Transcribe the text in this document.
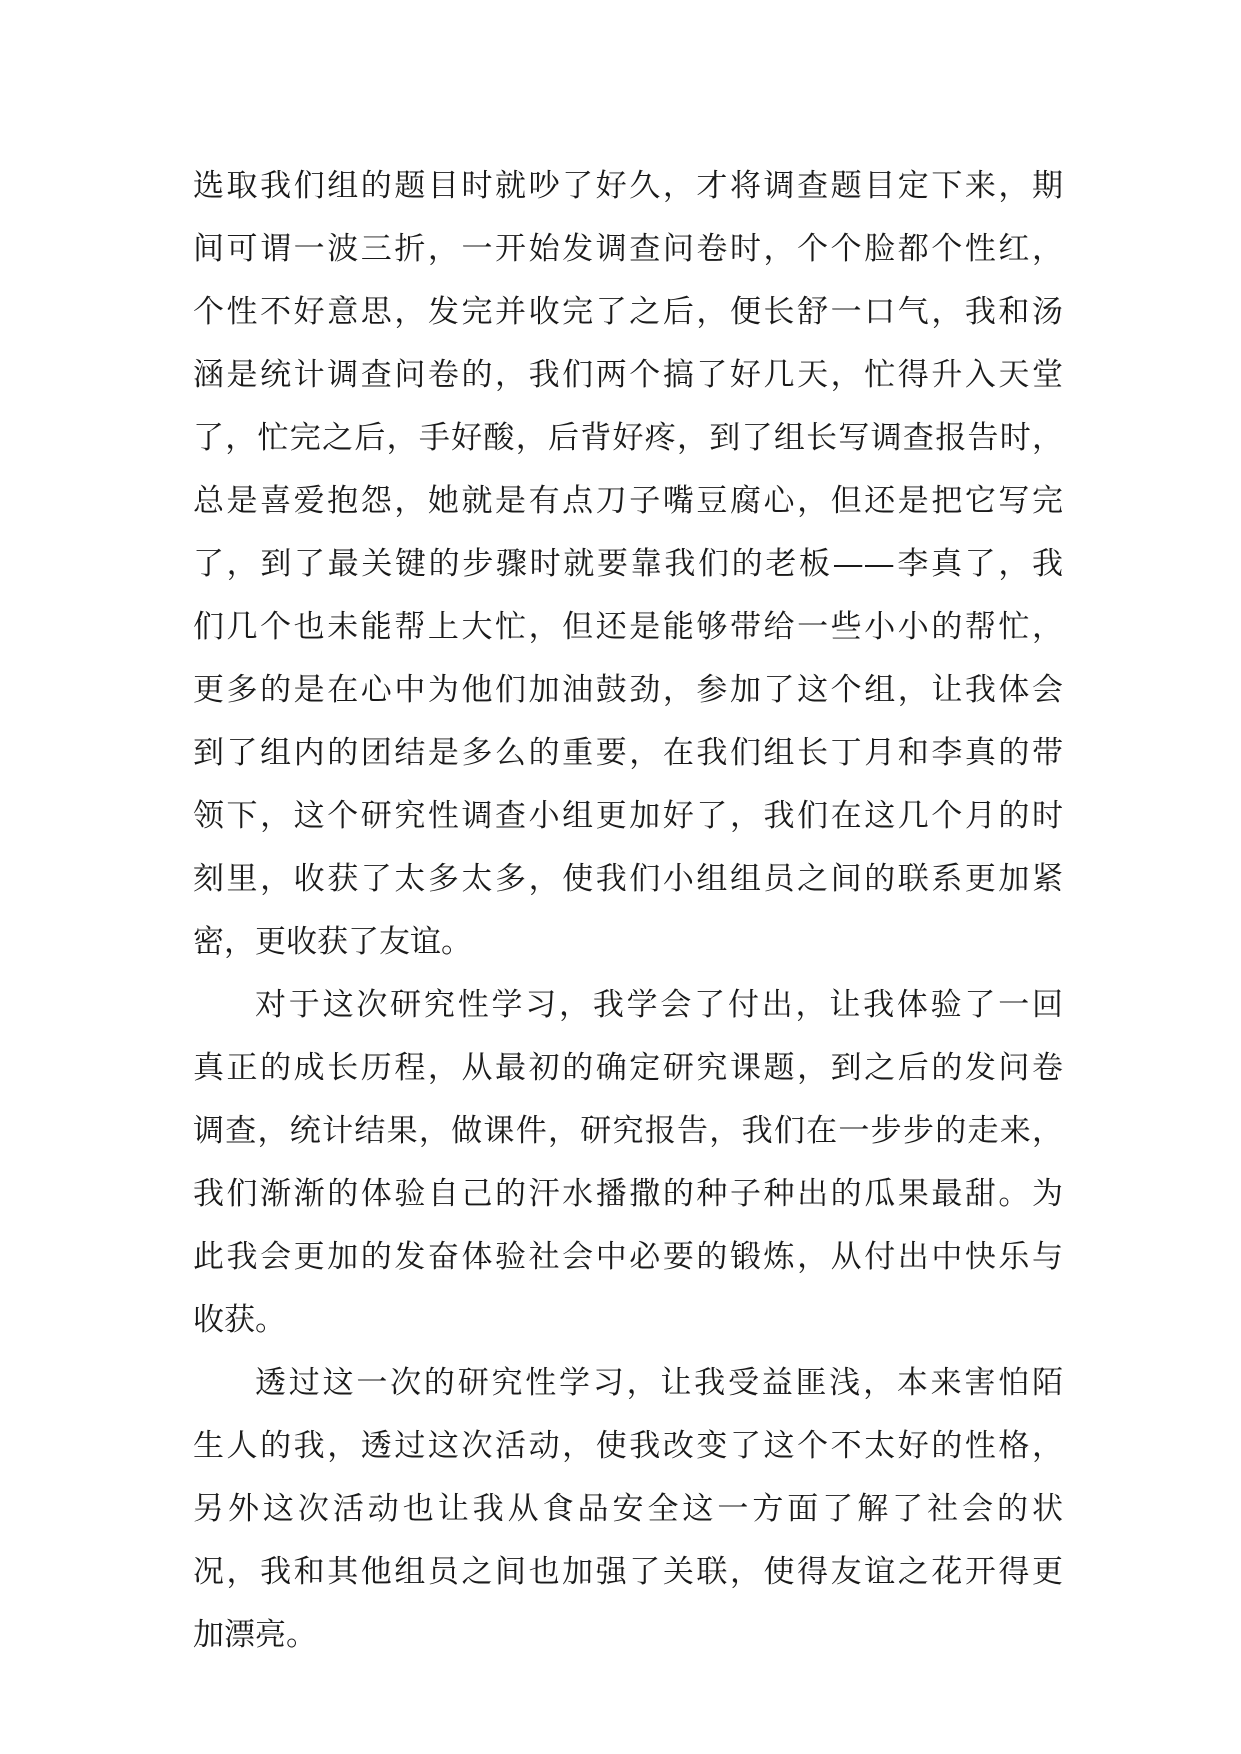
选取我们组的题目时就吵了好久，才将调查题目定下来，期
间可谓一波三折，一开始发调查问卷时，个个脸都个性红，
个性不好意思，发完并收完了之后，便长舒一口气，我和汤
涵是统计调查问卷的，我们两个搞了好几天，忙得升入天堂
了，忙完之后，手好酸，后背好疼，到了组长写调查报告时，
总是喜爱抱怨，她就是有点刀子嘴豆腐心，但还是把它写完
了，到了最关键的步骤时就要靠我们的老板——李真了，我
们几个也未能帮上大忙，但还是能够带给一些小小的帮忙，
更多的是在心中为他们加油鼓劲，参加了这个组，让我体会
到了组内的团结是多么的重要，在我们组长丁月和李真的带
领下，这个研究性调查小组更加好了，我们在这几个月的时
刻里，收获了太多太多，使我们小组组员之间的联系更加紧
密，更收获了友谊。
对于这次研究性学习，我学会了付出，让我体验了一回
真正的成长历程，从最初的确定研究课题，到之后的发问卷
调查，统计结果，做课件，研究报告，我们在一步步的走来，
我们渐渐的体验自己的汗水播撒的种子种出的瓜果最甜。为
此我会更加的发奋体验社会中必要的锻炼，从付出中快乐与
收获。
透过这一次的研究性学习，让我受益匪浅，本来害怕陌
生人的我，透过这次活动，使我改变了这个不太好的性格，
另外这次活动也让我从食品安全这一方面了解了社会的状
况，我和其他组员之间也加强了关联，使得友谊之花开得更
加漂亮。
